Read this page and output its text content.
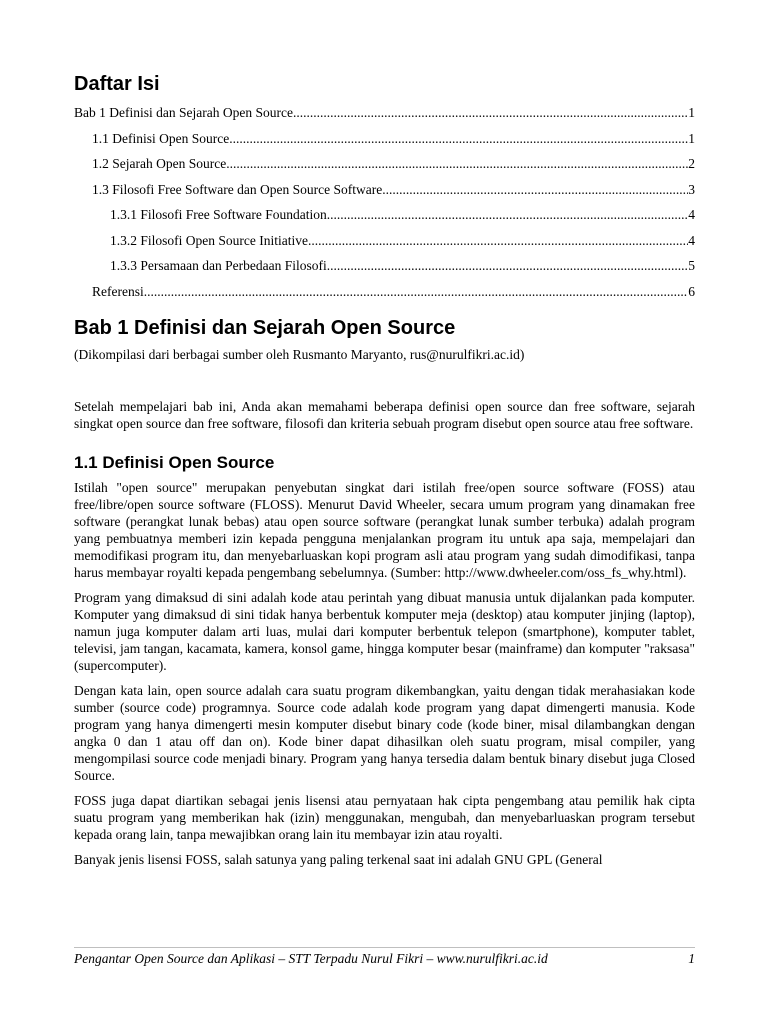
Daftar Isi
Bab 1 Definisi dan Sejarah Open Source .....	1
1.1 Definisi Open Source .....	1
1.2 Sejarah Open Source .....	2
1.3 Filosofi Free Software dan Open Source Software .....	3
1.3.1 Filosofi Free Software Foundation .....	4
1.3.2 Filosofi Open Source Initiative .....	4
1.3.3 Persamaan dan Perbedaan Filosofi .....	5
Referensi .....	6
Bab 1 Definisi dan Sejarah Open Source

(Dikompilasi dari berbagai sumber oleh Rusmanto Maryanto, rus@nurulfikri.ac.id)

Setelah mempelajari bab ini, Anda akan memahami beberapa definisi open source dan free software, sejarah singkat open source dan free software, filosofi dan kriteria sebuah program disebut open source atau free software.

1.1 Definisi Open Source

Istilah "open source" merupakan penyebutan singkat dari istilah free/open source software (FOSS) atau free/libre/open source software (FLOSS). Menurut David Wheeler, secara umum program yang dinamakan free software (perangkat lunak bebas) atau open source software (perangkat lunak sumber terbuka) adalah program yang pembuatnya memberi izin kepada pengguna menjalankan program itu untuk apa saja, mempelajari dan memodifikasi program itu, dan menyebarluaskan kopi program asli atau program yang sudah dimodifikasi, tanpa harus membayar royalti kepada pengembang sebelumnya. (Sumber: http://www.dwheeler.com/oss_fs_why.html).

Program yang dimaksud di sini adalah kode atau perintah yang dibuat manusia untuk dijalankan pada komputer. Komputer yang dimaksud di sini tidak hanya berbentuk komputer meja (desktop) atau komputer jinjing (laptop), namun juga komputer dalam arti luas, mulai dari komputer berbentuk telepon (smartphone), komputer tablet, televisi, jam tangan, kacamata, kamera, konsol game, hingga komputer besar (mainframe) dan komputer "raksasa" (supercomputer).

Dengan kata lain, open source adalah cara suatu program dikembangkan, yaitu dengan tidak merahasiakan kode sumber (source code) programnya. Source code adalah kode program yang dapat dimengerti manusia. Kode program yang hanya dimengerti mesin komputer disebut binary code (kode biner, misal dilambangkan dengan angka 0 dan 1 atau off dan on). Kode biner dapat dihasilkan oleh suatu program, misal compiler, yang mengompilasi source code menjadi binary. Program yang hanya tersedia dalam bentuk binary disebut juga Closed Source.

FOSS juga dapat diartikan sebagai jenis lisensi atau pernyataan hak cipta pengembang atau pemilik hak cipta suatu program yang memberikan hak (izin) menggunakan, mengubah, dan menyebarluaskan program tersebut kepada orang lain, tanpa mewajibkan orang lain itu membayar izin atau royalti.

Banyak jenis lisensi FOSS, salah satunya yang paling terkenal saat ini adalah GNU GPL (General

Pengantar Open Source dan Aplikasi – STT Terpadu Nurul Fikri – www.nurulfikri.ac.id	1
